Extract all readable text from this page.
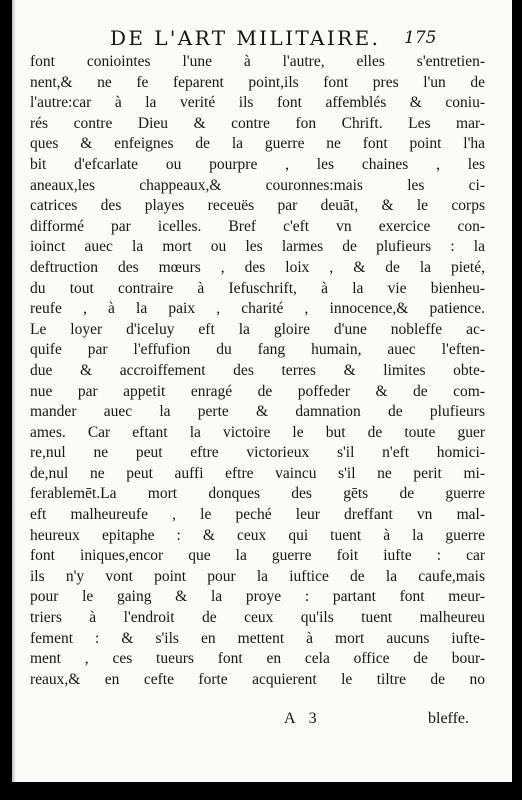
DE L'ART MILITAIRE. 175
font coniointes l'une à l'autre, elles s'entretien-
nent,& ne fe feparent point,ils font pres l'un de
l'autre:car à la verité ils font affemblés & coniu-
rés contre Dieu & contre fon Chrift. Les mar-
ques & enfeignes de la guerre ne font point l'ha
bit d'efcarlate ou pourpre , les chaines , les
aneaux,les chappeaux,& couronnes:mais les ci-
catrices des playes receuës par deuāt, & le corps
difformé par icelles. Bref c'eft vn exercice con-
ioinct auec la mort ou les larmes de plufieurs : la
deftruction des mœurs , des loix , & de la pieté,
du tout contraire à Iefuschrift, à la vie bienheu-
reufe , à la paix , charité , innocence,& patience.
Le loyer d'iceluy eft la gloire d'une nobleffe ac-
quife par l'effufion du fang humain, auec l'eften-
due & accroiffement des terres & limites obte-
nue par appetit enragé de poffeder & de com-
mander auec la perte & damnation de plufieurs
ames. Car eftant la victoire le but de toute guer
re,nul ne peut eftre victorieux s'il n'eft homici-
de,nul ne peut auffi eftre vaincu s'il ne perit mi-
ferablemēt.La mort donques des gēts de guerre
eft malheureufe , le peché leur dreffant vn mal-
heureux epitaphe : & ceux qui tuent à la guerre
font iniques,encor que la guerre foit iufte : car
ils n'y vont point pour la iuftice de la caufe,mais
pour le gaing & la proye : partant font meur-
triers à l'endroit de ceux qu'ils tuent malheureu
fement : & s'ils en mettent à mort aucuns iufte-
ment , ces tueurs font en cela office de bour-
reaux,& en cefte forte acquierent le tiltre de no
A 3	bleffe.
